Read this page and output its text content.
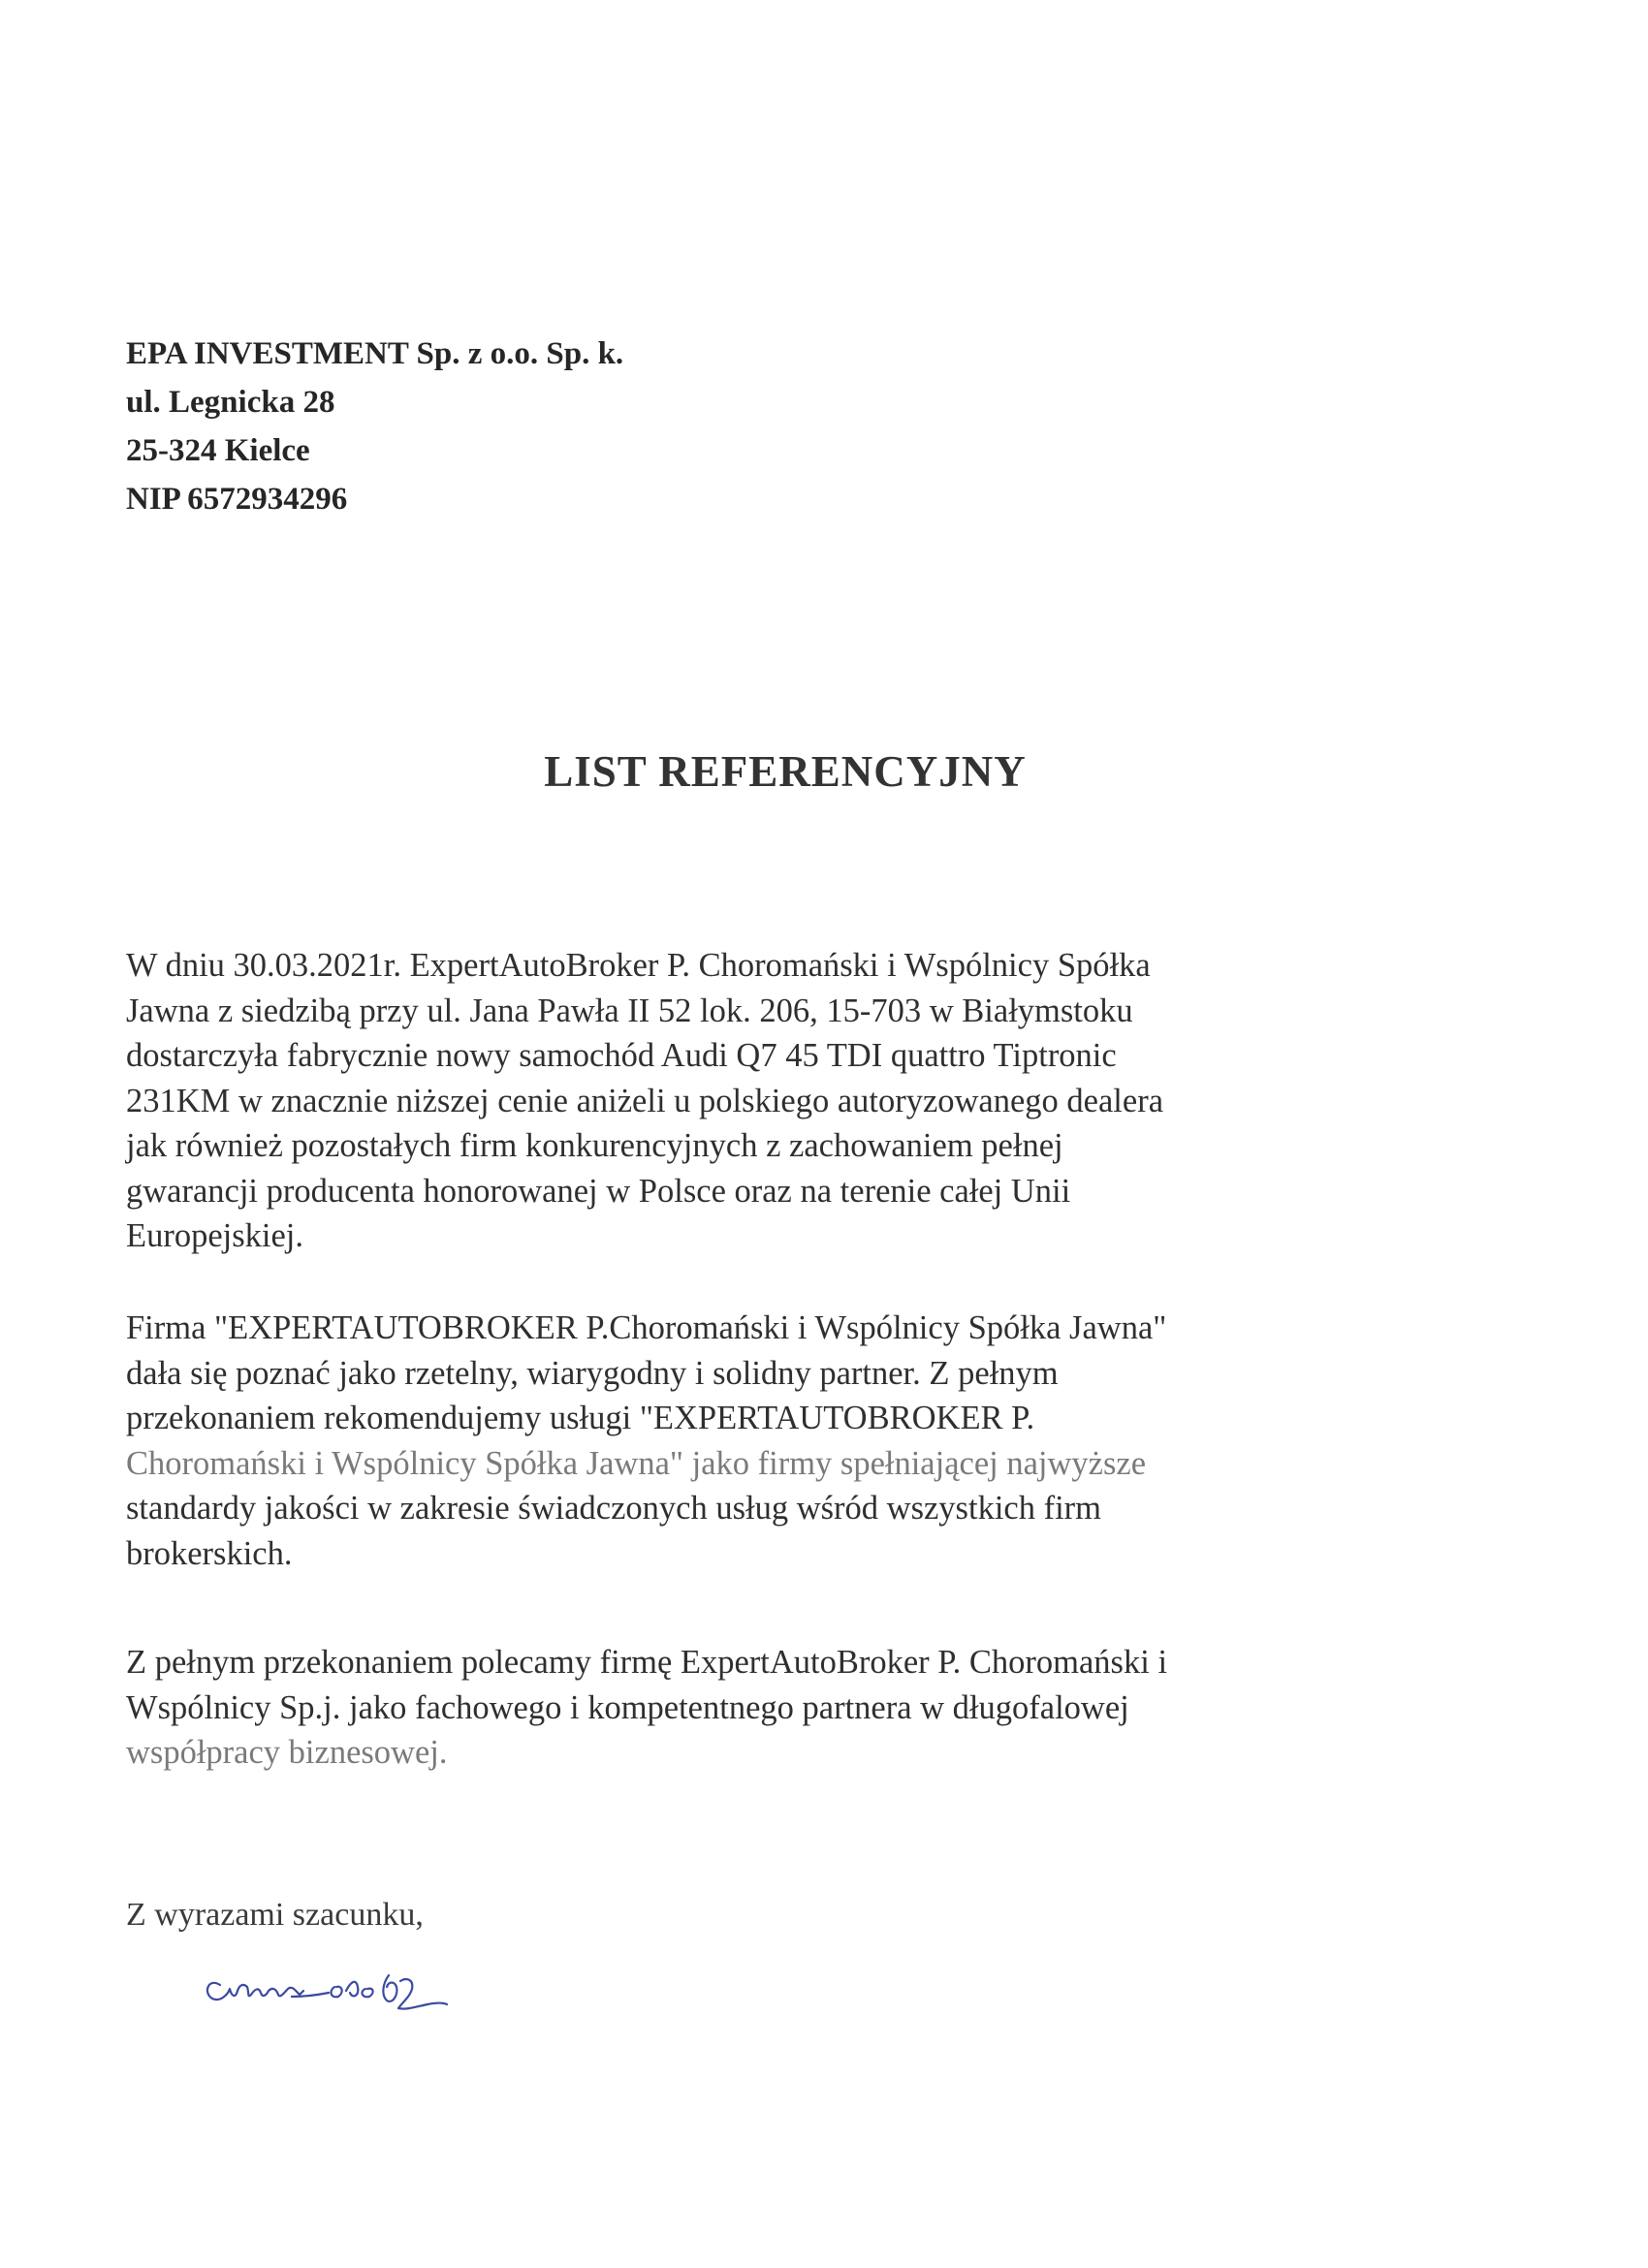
EPA INVESTMENT Sp. z o.o. Sp. k.
ul. Legnicka 28
25-324 Kielce
NIP 6572934296
LIST REFERENCYJNY
W dniu 30.03.2021r. ExpertAutoBroker P. Choromański i Wspólnicy Spółka
Jawna z siedzibą przy ul. Jana Pawła II 52 lok. 206, 15-703 w Białymstoku
dostarczyła fabrycznie nowy samochód Audi Q7 45 TDI quattro Tiptronic
231KM w znacznie niższej cenie aniżeli u polskiego autoryzowanego dealera
jak również pozostałych firm konkurencyjnych z zachowaniem pełnej
gwarancji producenta honorowanej w Polsce oraz na terenie całej Unii
Europejskiej.
Firma "EXPERTAUTOBROKER P.Choromański i Wspólnicy Spółka Jawna"
dała się poznać jako rzetelny, wiarygodny i solidny partner. Z pełnym
przekonaniem rekomendujemy usługi "EXPERTAUTOBROKER P.
Choromański i Wspólnicy Spółka Jawna" jako firmy spełniającej najwyższe
standardy jakości w zakresie świadczonych usług wśród wszystkich firm
brokerskich.
Z pełnym przekonaniem polecamy firmę ExpertAutoBroker P. Choromański i
Wspólnicy Sp.j. jako fachowego i kompetentnego partnera w długofalowej
współpracy biznesowej.
Z wyrazami szacunku,
